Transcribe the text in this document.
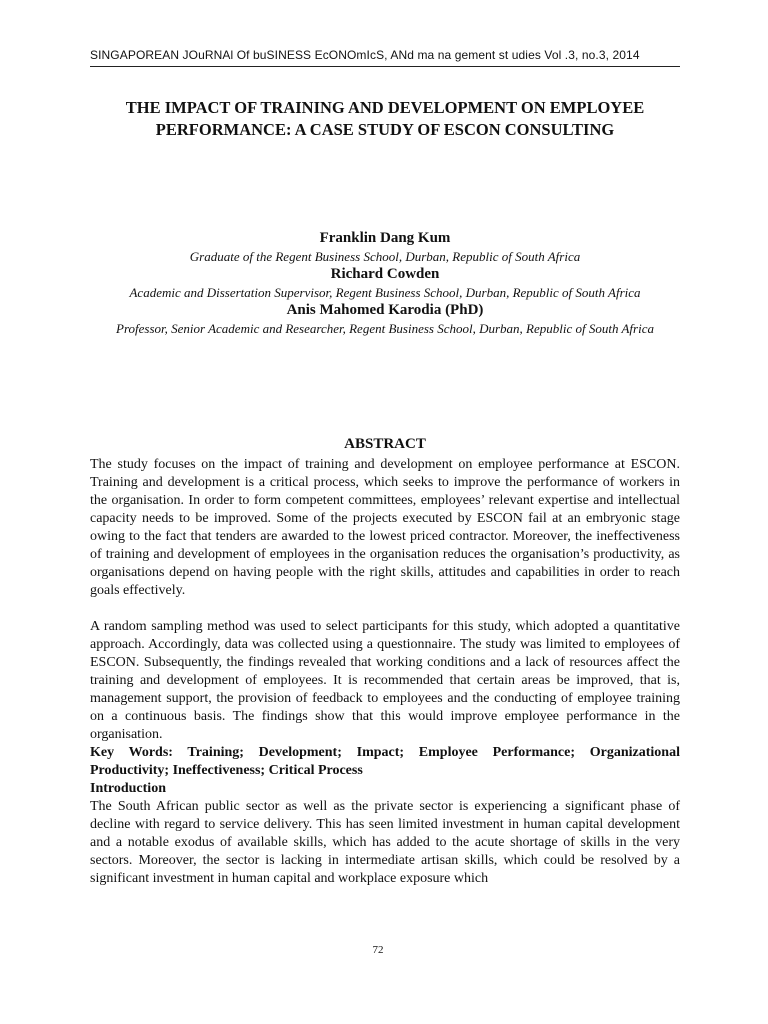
SINGAPOREAN JOuRNAl Of buSINESS EcONOmIcS, ANd ma na gement st udies Vol .3, no.3, 2014
THE IMPACT OF TRAINING AND DEVELOPMENT ON EMPLOYEE
PERFORMANCE: A CASE STUDY OF ESCON CONSULTING
Franklin Dang Kum
Graduate of the Regent Business School, Durban, Republic of South Africa
Richard Cowden
Academic and Dissertation Supervisor, Regent Business School, Durban, Republic of South Africa
Anis Mahomed Karodia (PhD)
Professor, Senior Academic and Researcher, Regent Business School, Durban, Republic of South Africa
ABSTRACT

The study focuses on the impact of training and development on employee performance at ESCON. Training and development is a critical process, which seeks to improve the performance of workers in the organisation. In order to form competent committees, employees’ relevant expertise and intellectual capacity needs to be improved. Some of the projects executed by ESCON fail at an embryonic stage owing to the fact that tenders are awarded to the lowest priced contractor. Moreover, the ineffectiveness of training and development of employees in the organisation reduces the organisation’s productivity, as organisations depend on having people with the right skills, attitudes and capabilities in order to reach goals effectively.

A random sampling method was used to select participants for this study, which adopted a quantitative approach. Accordingly, data was collected using a questionnaire. The study was limited to employees of ESCON. Subsequently, the findings revealed that working conditions and a lack of resources affect the training and development of employees. It is recommended that certain areas be improved, that is, management support, the provision of feedback to employees and the conducting of employee training on a continuous basis. The findings show that this would improve employee performance in the organisation.

Key Words: Training; Development; Impact; Employee Performance; Organizational Productivity; Ineffectiveness; Critical Process

Introduction

The South African public sector as well as the private sector is experiencing a significant phase of decline with regard to service delivery. This has seen limited investment in human capital development and a notable exodus of available skills, which has added to the acute shortage of skills in the very sectors. Moreover, the sector is lacking in intermediate artisan skills, which could be resolved by a significant investment in human capital and workplace exposure which

72
